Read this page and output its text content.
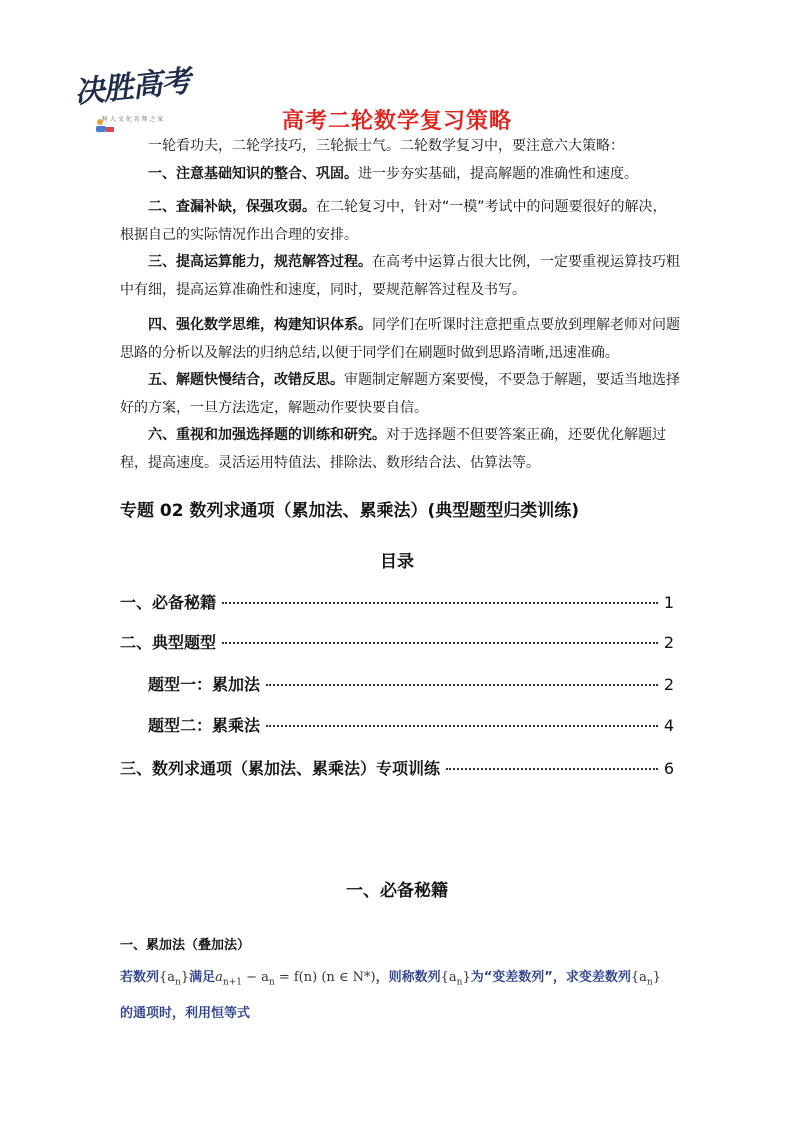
决胜高考
树 人 文 化 名 师 之 家	高考二轮数学复习策略

一轮看功夫，二轮学技巧，三轮振士气。二轮数学复习中，要注意六大策略：

一、注意基础知识的整合、巩固。进一步夯实基础，提高解题的准确性和速度。

二、查漏补缺，保强攻弱。在二轮复习中，针对“一模”考试中的问题要很好的解决，根据自己的实际情况作出合理的安排。

三、提高运算能力，规范解答过程。在高考中运算占很大比例，一定要重视运算技巧粗中有细，提高运算准确性和速度，同时，要规范解答过程及书写。

四、强化数学思维，构建知识体系。同学们在听课时注意把重点要放到理解老师对问题思路的分析以及解法的归纳总结,以便于同学们在刷题时做到思路清晰,迅速准确。

五、解题快慢结合，改错反思。审题制定解题方案要慢，不要急于解题，要适当地选择好的方案，一旦方法选定，解题动作要快要自信。

六、重视和加强选择题的训练和研究。对于选择题不但要答案正确，还要优化解题过程，提高速度。灵活运用特值法、排除法、数形结合法、估算法等。

专题 02 数列求通项（累加法、累乘法）(典型题型归类训练)
目录
一、必备秘籍	1
二、典型题型	2
题型一：累加法	2
题型二：累乘法	4
三、数列求通项（累加法、累乘法）专项训练	6
一、必备秘籍
一、累加法（叠加法）
若数列$\{a_n\}$满足$a_{n+1} - a_n = f(n)$ (n ∈ N*)，则称数列$\{a_n\}$为“变差数列”，求变差数列$\{a_n\}$
的通项时，利用恒等式
